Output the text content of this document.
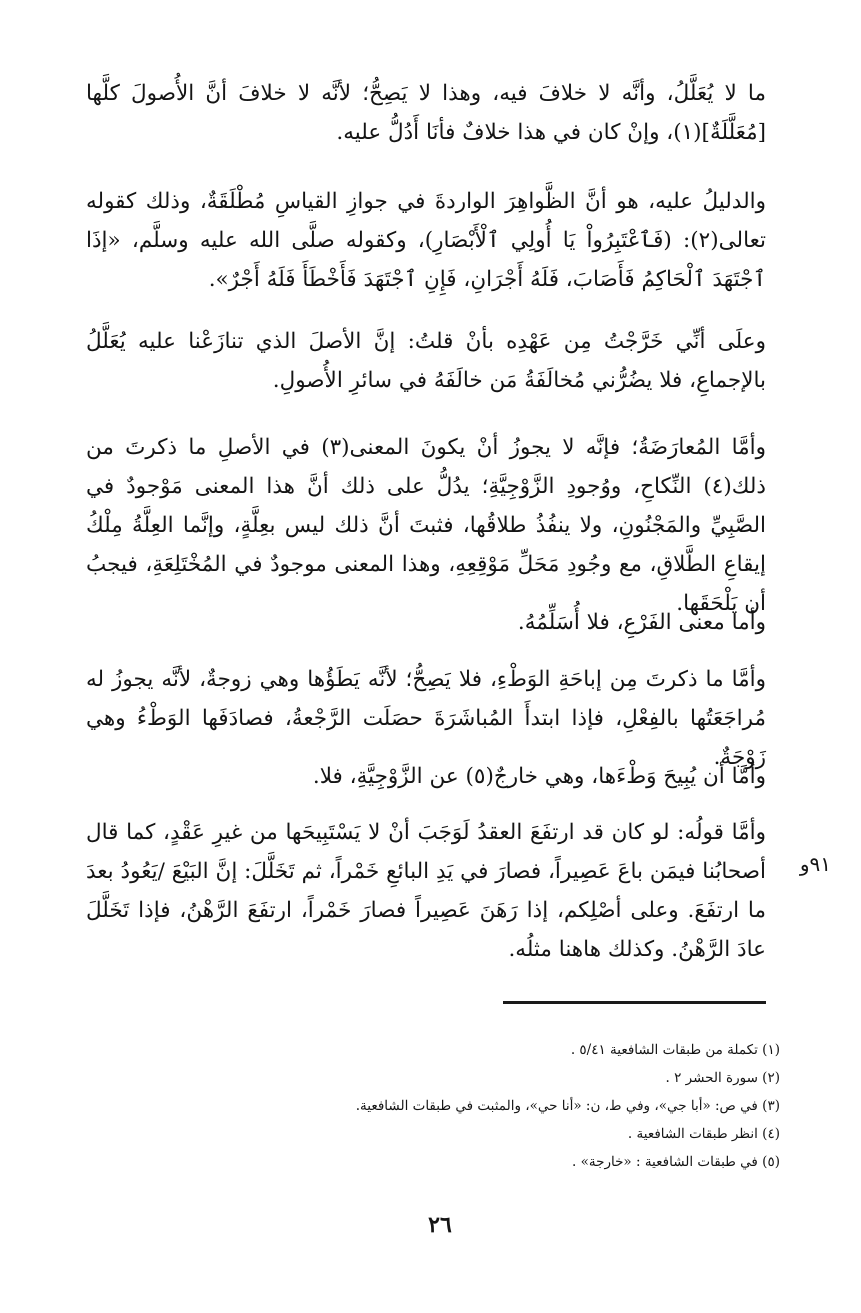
ما لا يُعَلَّلُ، وأنَّه لا خلافَ فيه، وهذا لا يَصِحُّ؛ لأنَّه لا خلافَ أنَّ الأُصولَ كلَّها [مُعَلَّلَةٌ](١)، وإنْ كان في هذا خلافٌ فأنَا أَدُلُّ عليه.

والدليلُ عليه، هو أنَّ الظَّواهِرَ الواردةَ في جوازِ القياسِ مُطْلَقَةٌ، وذلك كقوله تعالى(٢): (فَٱعْتَبِرُواْ يَا أُولِي ٱلْأَبْصَارِ)، وكقوله صلَّى الله عليه وسلَّم، «إذَا ٱجْتَهَدَ ٱلْحَاكِمُ فَأَصَابَ، فَلَهُ أَجْرَانِ، فَإِنِ ٱجْتَهَدَ فَأَخْطَأَ فَلَهُ أَجْرٌ».

وعلَى أنِّي خَرَّجْتُ مِن عَهْدِه بأنْ قلتُ: إنَّ الأصلَ الذي تنازَعْنا عليه يُعَلَّلُ بالإجماعِ، فلا يضُرُّني مُخالَفَةُ مَن خالَفَهُ في سائرِ الأُصولِ.

وأمَّا المُعارَضَةُ؛ فإنَّه لا يجوزُ أنْ يكونَ المعنى(٣) في الأصلِ ما ذكرتَ من ذلك(٤) النِّكاحِ، ووُجودِ الزَّوْجِيَّةِ؛ يدُلُّ على ذلك أنَّ هذا المعنى مَوْجودٌ في الصَّبِيِّ والمَجْنُونِ، ولا ينفُذُ طلاقُها، فثبتَ أنَّ ذلك ليس بعِلَّةٍ، وإنَّما العِلَّةُ مِلْكُ إيقاعِ الطَّلاقِ، مع وجُودِ مَحَلِّ مَوْقِعِهِ، وهذا المعنى موجودٌ في المُخْتَلِعَةِ، فيجبُ أن يَلْحَقَها.

وأما معنى الفَرْعِ، فلا أُسَلِّمُهُ.

وأمَّا ما ذكرتَ مِن إباحَةِ الوَطْءِ، فلا يَصِحُّ؛ لأنَّه يَطَؤُها وهي زوجةٌ، لأنَّه يجوزُ له مُراجَعَتُها بالفِعْلِ، فإذا ابتدأَ المُباشَرَةَ حصَلَت الرَّجْعةُ، فصادَفَها الوَطْءُ وهي زَوْجَةٌ.

وأمَّا أن يُبِيحَ وَطْءَها، وهي خارجٌ(٥) عن الزَّوْجِيَّةِ، فلا.

وأمَّا قولُه: لو كان قد ارتفَعَ العقدُ لَوَجَبَ أنْ لا يَسْتَبِيحَها من غيرِ عَقْدٍ، كما قال أصحابُنا فيمَن باعَ عَصِيراً، فصارَ في يَدِ البائعِ خَمْراً، ثم تَخَلَّلَ: إنَّ البَيْعَ /يَعُودُ بعدَ ما ارتفَعَ. وعلى أصْلِكم، إذا رَهَنَ عَصِيراً فصارَ خَمْراً، ارتفَعَ الرَّهْنُ، فإذا تَخَلَّلَ عادَ الرَّهْنُ. وكذلك هاهنا مثلُه.

٩١و

(١) تكملة من طبقات الشافعية ٥/٤١ .

(٢) سورة الحشر ٢ .

(٣) في ص: «أبا جي»، وفي ط، ن: «أنا حي»، والمثبت في طبقات الشافعية.

(٤) انظر طبقات الشافعية .

(٥) في طبقات الشافعية : «خارجة» .

٢٦
